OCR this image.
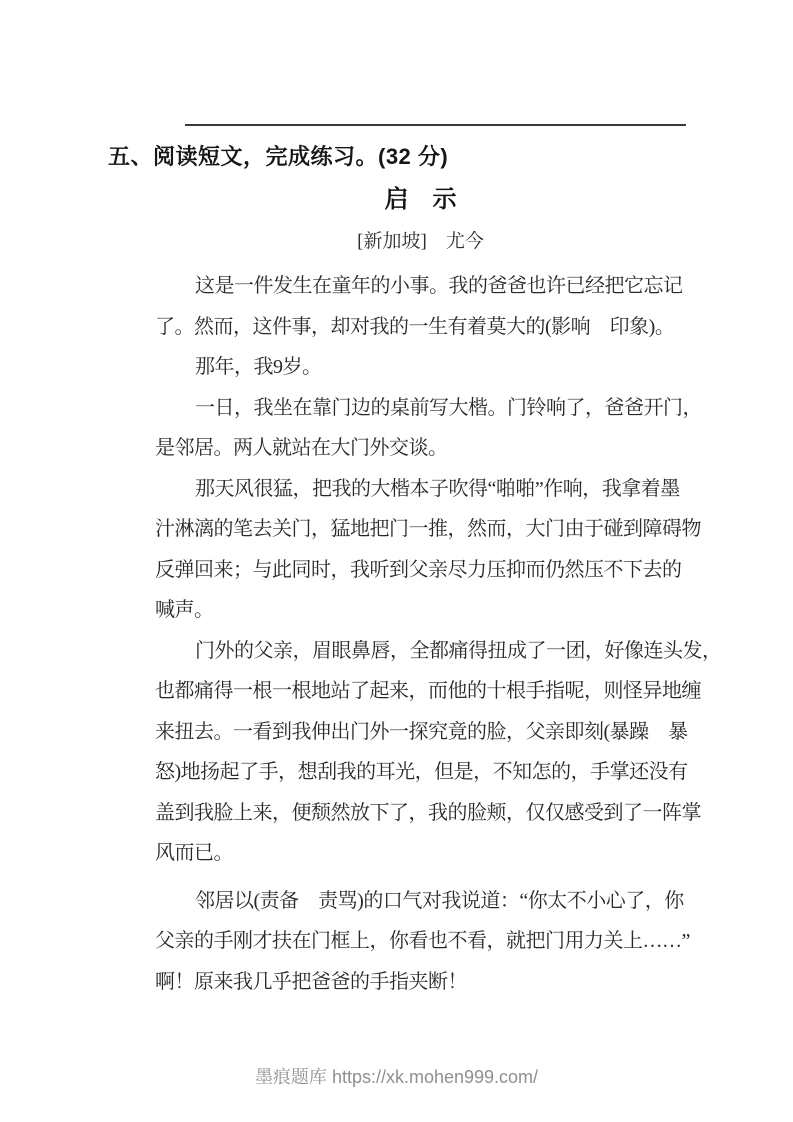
五、阅读短文，完成练习。(32 分)
启　示
[新加坡]　尤今
这是一件发生在童年的小事。我的爸爸也许已经把它忘记
了。然而，这件事，却对我的一生有着莫大的(影响　印象)。
那年，我9岁。
一日，我坐在靠门边的桌前写大楷。门铃响了，爸爸开门，
是邻居。两人就站在大门外交谈。
那天风很猛，把我的大楷本子吹得“啪啪”作响，我拿着墨
汁淋漓的笔去关门，猛地把门一推，然而，大门由于碰到障碍物
反弹回来；与此同时，我听到父亲尽力压抑而仍然压不下去的
喊声。
门外的父亲，眉眼鼻唇，全都痛得扭成了一团，好像连头发，
也都痛得一根一根地站了起来，而他的十根手指呢，则怪异地缠
来扭去。一看到我伸出门外一探究竟的脸，父亲即刻(暴躁　暴
怒)地扬起了手，想刮我的耳光，但是，不知怎的，手掌还没有
盖到我脸上来，便颓然放下了，我的脸颊，仅仅感受到了一阵掌
风而已。
邻居以(责备　责骂)的口气对我说道：“你太不小心了，你
父亲的手刚才扶在门框上，你看也不看，就把门用力关上……”
啊！原来我几乎把爸爸的手指夹断！
墨痕题库 https://xk.mohen999.com/
